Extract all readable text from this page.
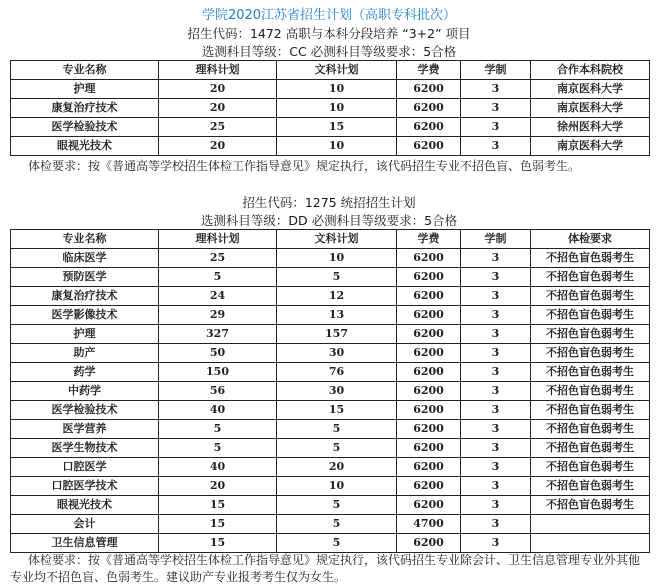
学院2020江苏省招生计划（高职专科批次）
招生代码：1472 高职与本科分段培养 “3+2” 项目
选测科目等级：CC 必测科目等级要求：5合格
专业名称	理科计划	文科计划	学费	学制	合作本科院校
护理	20	10	6200	3	南京医科大学
康复治疗技术	20	10	6200	3	南京医科大学
医学检验技术	25	15	6200	3	徐州医科大学
眼视光技术	20	10	6200	3	南京医科大学
体检要求：按《普通高等学校招生体检工作指导意见》规定执行，该代码招生专业不招色盲、色弱考生。
招生代码：1275 统招招生计划
选测科目等级：DD 必测科目等级要求：5合格
专业名称	理科计划	文科计划	学费	学制	体检要求
临床医学	25	10	6200	3	不招色盲色弱考生
预防医学	5	5	6200	3	不招色盲色弱考生
康复治疗技术	24	12	6200	3	不招色盲色弱考生
医学影像技术	29	13	6200	3	不招色盲色弱考生
护理	327	157	6200	3	不招色盲色弱考生
助产	50	30	6200	3	不招色盲色弱考生
药学	150	76	6200	3	不招色盲色弱考生
中药学	56	30	6200	3	不招色盲色弱考生
医学检验技术	40	15	6200	3	不招色盲色弱考生
医学营养	5	5	6200	3	不招色盲色弱考生
医学生物技术	5	5	6200	3	不招色盲色弱考生
口腔医学	40	20	6200	3	不招色盲色弱考生
口腔医学技术	20	10	6200	3	不招色盲色弱考生
眼视光技术	15	5	6200	3	不招色盲色弱考生
会计	15	5	4700	3	
卫生信息管理	15	5	6200	3	
体检要求：按《普通高等学校招生体检工作指导意见》规定执行，该代码招生专业除会计、卫生信息管理专业外其他
专业均不招色盲、色弱考生。建议助产专业报考考生仅为女生。
